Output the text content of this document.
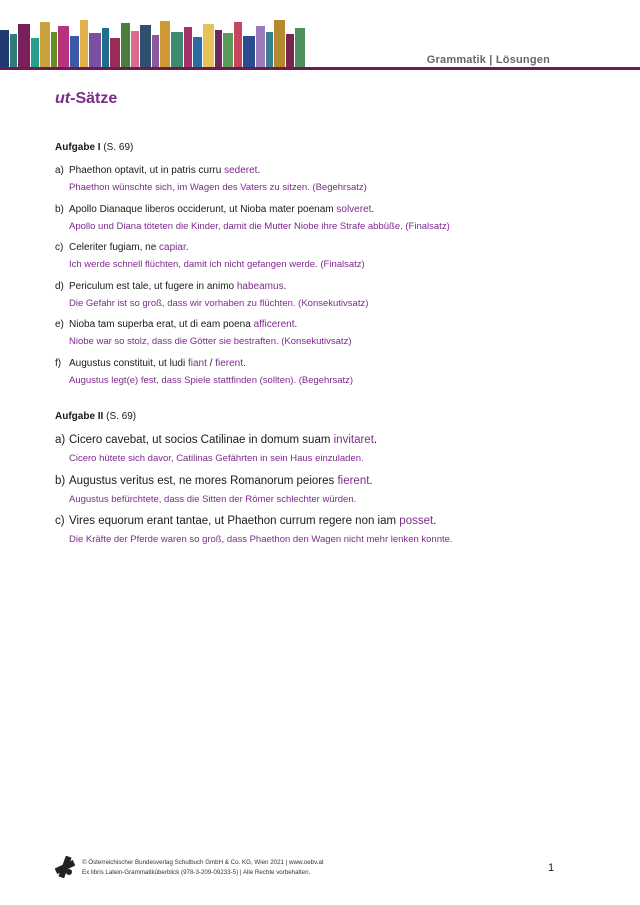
Grammatik | Lösungen
ut-Sätze
Aufgabe I (S. 69)
a) Phaethon optavit, ut in patris curru sederet.
Phaethon wünschte sich, im Wagen des Vaters zu sitzen. (Begehrsatz)
b) Apollo Dianaque liberos occiderunt, ut Nioba mater poenam solveret.
Apollo und Diana töteten die Kinder, damit die Mutter Niobe ihre Strafe abbüße. (Finalsatz)
c) Celeriter fugiam, ne capiar.
Ich werde schnell flüchten, damit ich nicht gefangen werde. (Finalsatz)
d) Periculum est tale, ut fugere in animo habeamus.
Die Gefahr ist so groß, dass wir vorhaben zu flüchten. (Konsekutivsatz)
e) Nioba tam superba erat, ut di eam poena afficerent.
Niobe war so stolz, dass die Götter sie bestraften. (Konsekutivsatz)
f) Augustus constituit, ut ludi fiant / fierent.
Augustus legt(e) fest, dass Spiele stattfinden (sollten). (Begehrsatz)
Aufgabe II (S. 69)
a) Cicero cavebat, ut socios Catilinae in domum suam invitaret.
Cicero hütete sich davor, Catilinas Gefährten in sein Haus einzuladen.
b) Augustus veritus est, ne mores Romanorum peiores fierent.
Augustus befürchtete, dass die Sitten der Römer schlechter würden.
c) Vires equorum erant tantae, ut Phaethon currum regere non iam posset.
Die Kräfte der Pferde waren so groß, dass Phaethon den Wagen nicht mehr lenken konnte.
© Österreichischer Bundesverlag Schulbuch GmbH & Co. KG, Wien 2021 | www.oebv.at
Ex libris Latein-Grammatiküberblick (978-3-209-09233-5) | Alle Rechte vorbehalten.	1
